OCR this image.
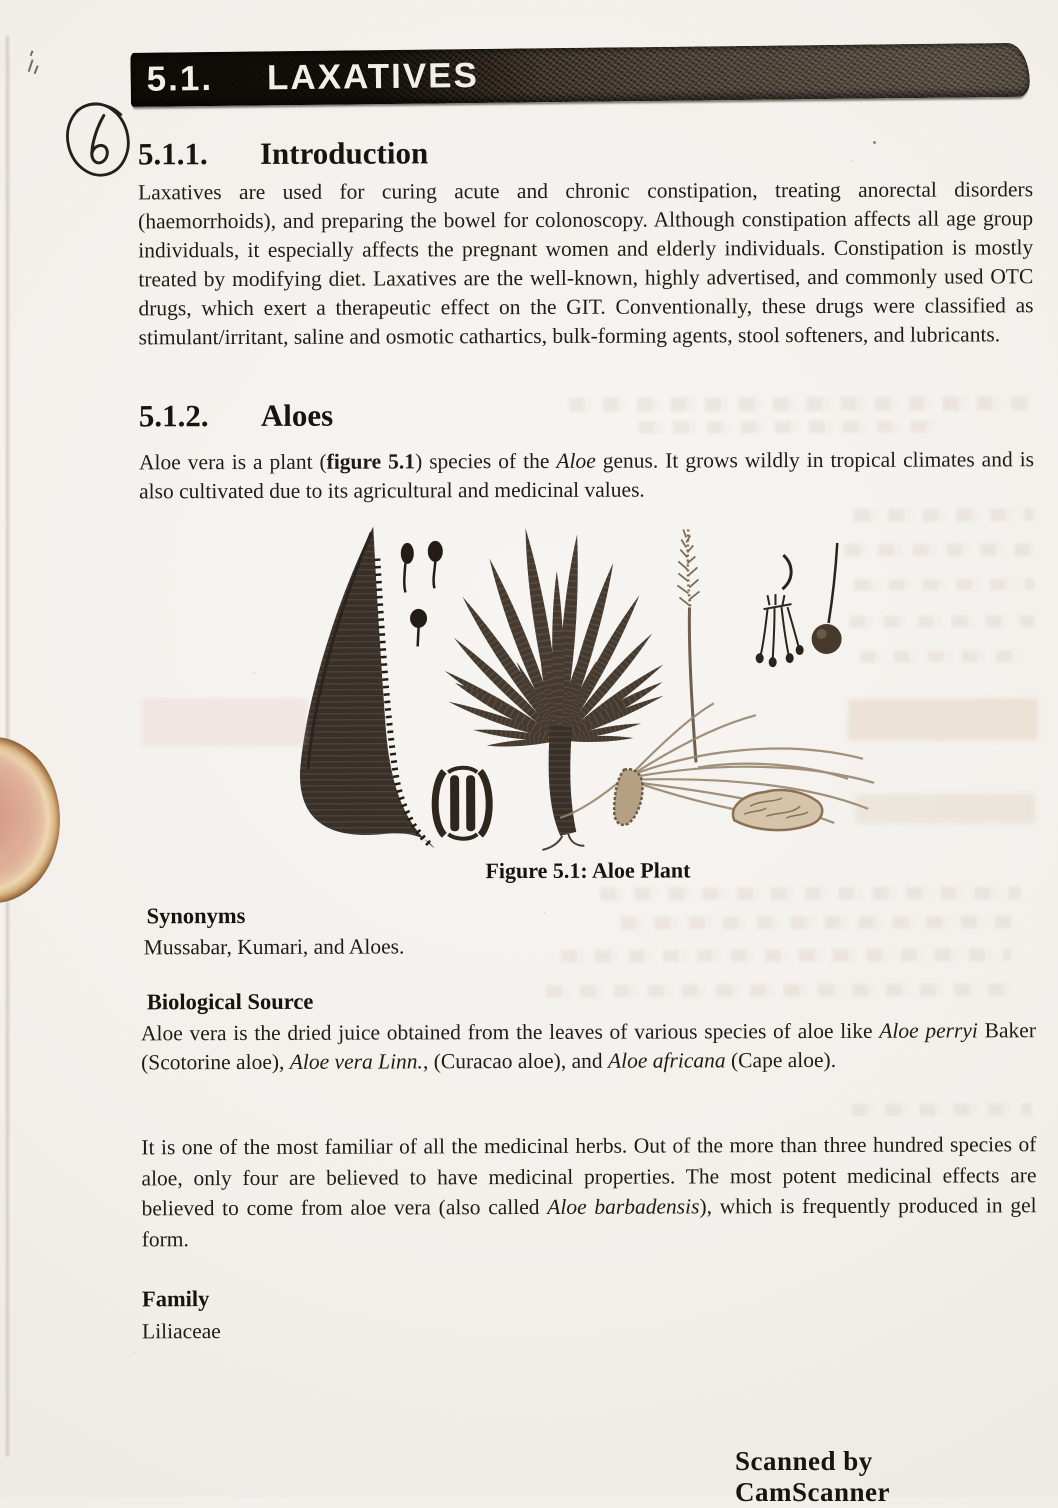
5.1. LAXATIVES
5.1.1.	Introduction

Laxatives are used for curing acute and chronic constipation, treating anorectal disorders (haemorrhoids), and preparing the bowel for colonoscopy. Although constipation affects all age group individuals, it especially affects the pregnant women and elderly individuals. Constipation is mostly treated by modifying diet. Laxatives are the well-known, highly advertised, and commonly used OTC drugs, which exert a therapeutic effect on the GIT. Conventionally, these drugs were classified as stimulant/irritant, saline and osmotic cathartics, bulk-forming agents, stool softeners, and lubricants.

5.1.2.	Aloes

Aloe vera is a plant (figure 5.1) species of the Aloe genus. It grows wildly in tropical climates and is also cultivated due to its agricultural and medicinal values.

Figure 5.1: Aloe Plant
Synonyms
Mussabar, Kumari, and Aloes.
Biological Source

Aloe vera is the dried juice obtained from the leaves of various species of aloe like Aloe perryi Baker (Scotorine aloe), Aloe vera Linn., (Curacao aloe), and Aloe africana (Cape aloe).

It is one of the most familiar of all the medicinal herbs. Out of the more than three hundred species of aloe, only four are believed to have medicinal properties. The most potent medicinal effects are believed to come from aloe vera (also called Aloe barbadensis), which is frequently produced in gel form.

Family
Liliaceae
Scanned by CamScanner
